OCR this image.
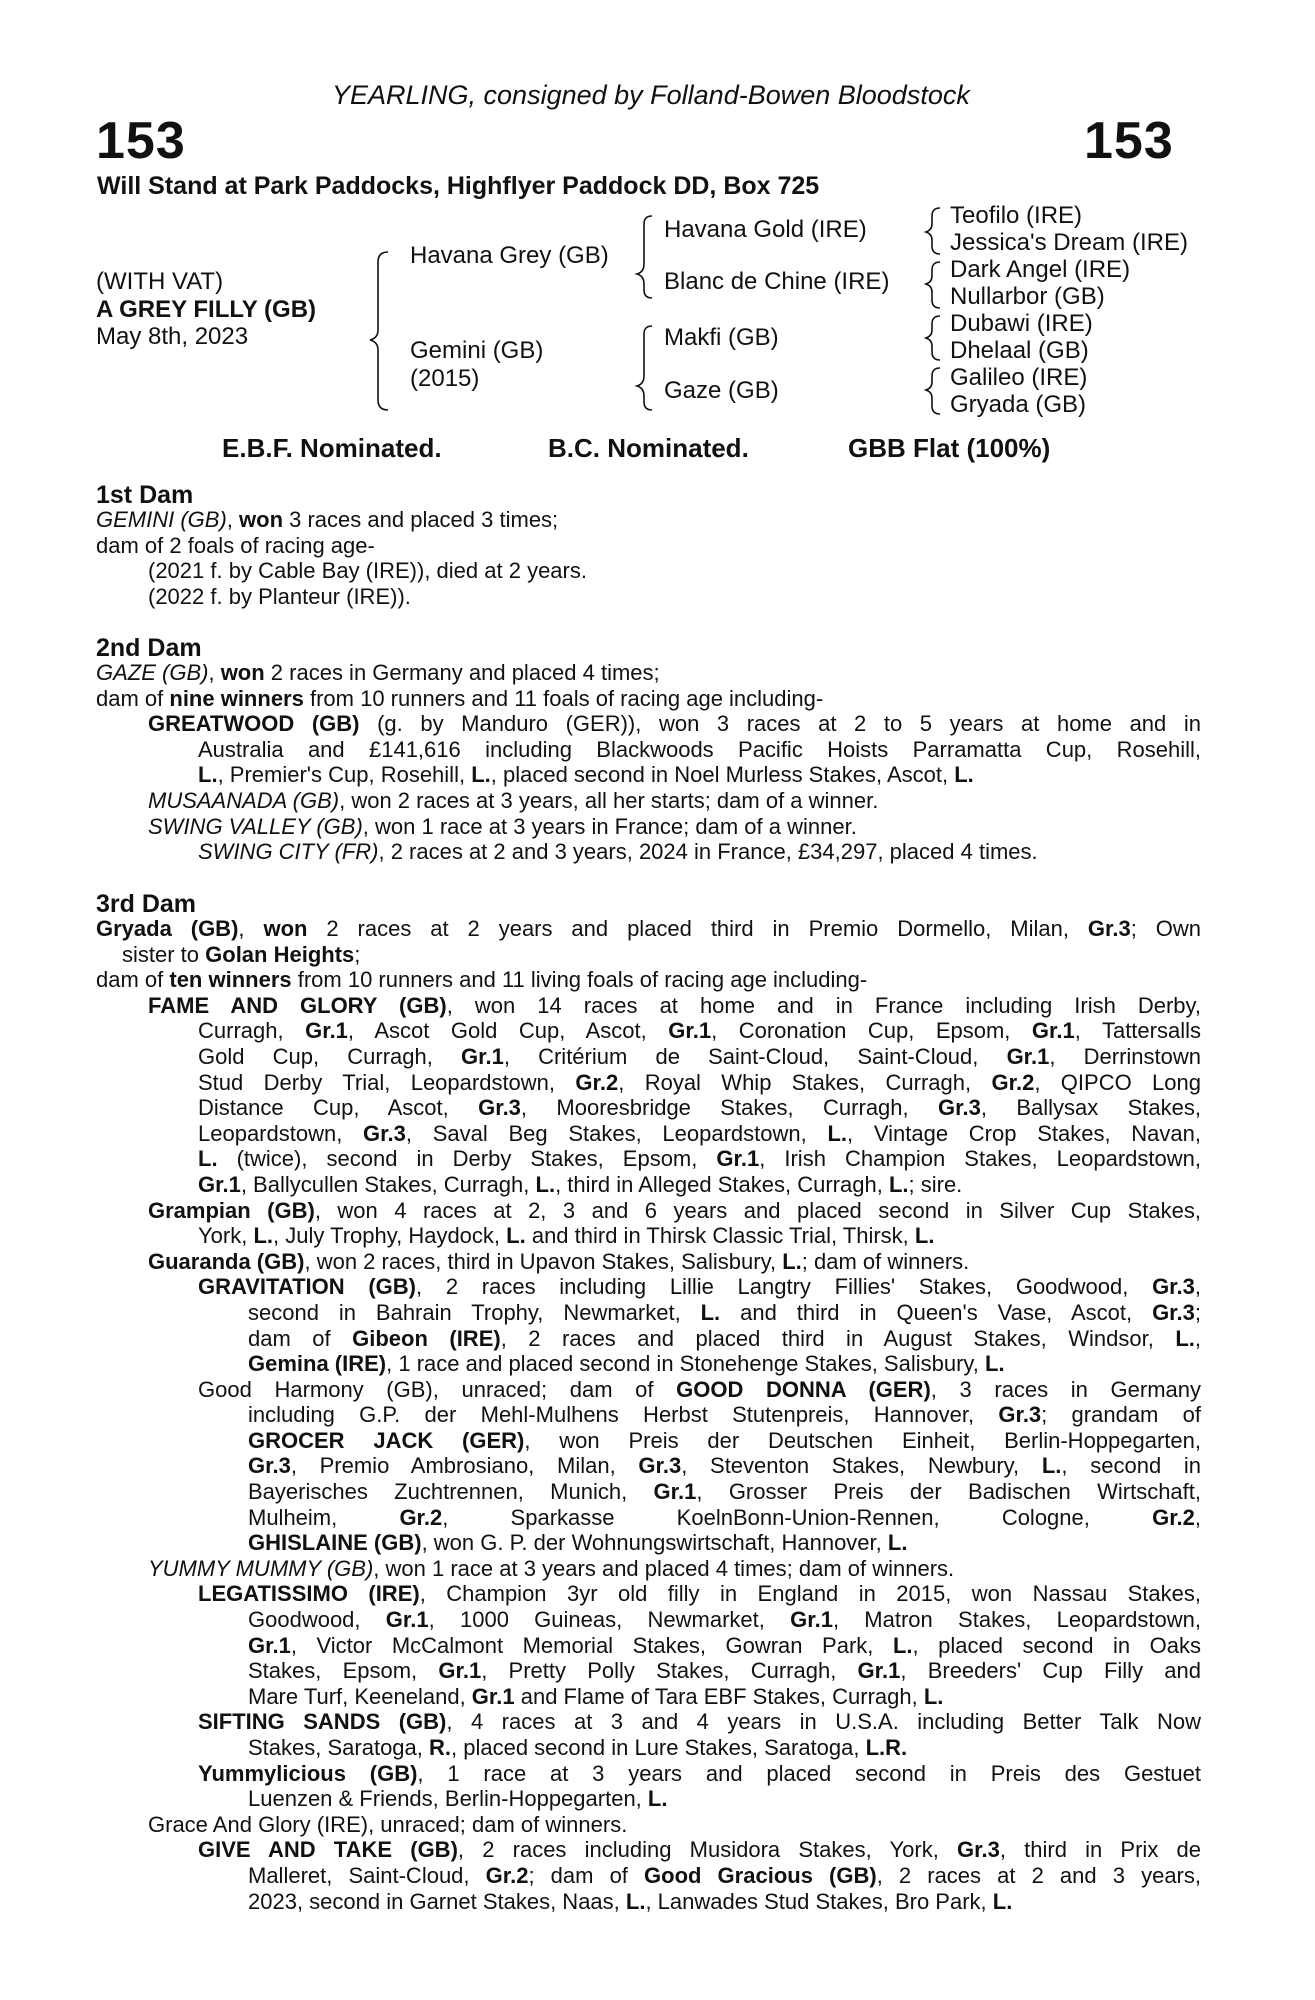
YEARLING, consigned by Folland-Bowen Bloodstock
153	153
Will Stand at Park Paddocks, Highflyer Paddock DD, Box 725
(WITH VAT)
A GREY FILLY (GB)
May 8th, 2023
Havana Grey (GB)
Gemini (GB)
(2015)
Havana Gold (IRE)
Blanc de Chine (IRE)
Makfi (GB)
Gaze (GB)
Teofilo (IRE)
Jessica's Dream (IRE)
Dark Angel (IRE)
Nullarbor (GB)
Dubawi (IRE)
Dhelaal (GB)
Galileo (IRE)
Gryada (GB)
E.B.F. Nominated.	B.C. Nominated.	GBB Flat (100%)
1st Dam
GEMINI (GB), won 3 races and placed 3 times;
dam of 2 foals of racing age-
(2021 f. by Cable Bay (IRE)), died at 2 years.
(2022 f. by Planteur (IRE)).
2nd Dam
GAZE (GB), won 2 races in Germany and placed 4 times;
dam of nine winners from 10 runners and 11 foals of racing age including-
GREATWOOD (GB) (g. by Manduro (GER)), won 3 races at 2 to 5 years at home and in
Australia and £141,616 including Blackwoods Pacific Hoists Parramatta Cup, Rosehill,
L., Premier's Cup, Rosehill, L., placed second in Noel Murless Stakes, Ascot, L.
MUSAANADA (GB), won 2 races at 3 years, all her starts; dam of a winner.
SWING VALLEY (GB), won 1 race at 3 years in France; dam of a winner.
SWING CITY (FR), 2 races at 2 and 3 years, 2024 in France, £34,297, placed 4 times.
3rd Dam
Gryada (GB), won 2 races at 2 years and placed third in Premio Dormello, Milan, Gr.3; Own
sister to Golan Heights;
dam of ten winners from 10 runners and 11 living foals of racing age including-
FAME AND GLORY (GB), won 14 races at home and in France including Irish Derby,
Curragh, Gr.1, Ascot Gold Cup, Ascot, Gr.1, Coronation Cup, Epsom, Gr.1, Tattersalls
Gold Cup, Curragh, Gr.1, Critérium de Saint-Cloud, Saint-Cloud, Gr.1, Derrinstown
Stud Derby Trial, Leopardstown, Gr.2, Royal Whip Stakes, Curragh, Gr.2, QIPCO Long
Distance Cup, Ascot, Gr.3, Mooresbridge Stakes, Curragh, Gr.3, Ballysax Stakes,
Leopardstown, Gr.3, Saval Beg Stakes, Leopardstown, L., Vintage Crop Stakes, Navan,
L. (twice), second in Derby Stakes, Epsom, Gr.1, Irish Champion Stakes, Leopardstown,
Gr.1, Ballycullen Stakes, Curragh, L., third in Alleged Stakes, Curragh, L.; sire.
Grampian (GB), won 4 races at 2, 3 and 6 years and placed second in Silver Cup Stakes,
York, L., July Trophy, Haydock, L. and third in Thirsk Classic Trial, Thirsk, L.
Guaranda (GB), won 2 races, third in Upavon Stakes, Salisbury, L.; dam of winners.
GRAVITATION (GB), 2 races including Lillie Langtry Fillies' Stakes, Goodwood, Gr.3,
second in Bahrain Trophy, Newmarket, L. and third in Queen's Vase, Ascot, Gr.3;
dam of Gibeon (IRE), 2 races and placed third in August Stakes, Windsor, L.,
Gemina (IRE), 1 race and placed second in Stonehenge Stakes, Salisbury, L.
Good Harmony (GB), unraced; dam of GOOD DONNA (GER), 3 races in Germany
including G.P. der Mehl-Mulhens Herbst Stutenpreis, Hannover, Gr.3; grandam of
GROCER JACK (GER), won Preis der Deutschen Einheit, Berlin-Hoppegarten,
Gr.3, Premio Ambrosiano, Milan, Gr.3, Steventon Stakes, Newbury, L., second in
Bayerisches Zuchtrennen, Munich, Gr.1, Grosser Preis der Badischen Wirtschaft,
Mulheim, Gr.2, Sparkasse KoelnBonn-Union-Rennen, Cologne, Gr.2,
GHISLAINE (GB), won G. P. der Wohnungswirtschaft, Hannover, L.
YUMMY MUMMY (GB), won 1 race at 3 years and placed 4 times; dam of winners.
LEGATISSIMO (IRE), Champion 3yr old filly in England in 2015, won Nassau Stakes,
Goodwood, Gr.1, 1000 Guineas, Newmarket, Gr.1, Matron Stakes, Leopardstown,
Gr.1, Victor McCalmont Memorial Stakes, Gowran Park, L., placed second in Oaks
Stakes, Epsom, Gr.1, Pretty Polly Stakes, Curragh, Gr.1, Breeders' Cup Filly and
Mare Turf, Keeneland, Gr.1 and Flame of Tara EBF Stakes, Curragh, L.
SIFTING SANDS (GB), 4 races at 3 and 4 years in U.S.A. including Better Talk Now
Stakes, Saratoga, R., placed second in Lure Stakes, Saratoga, L.R.
Yummylicious (GB), 1 race at 3 years and placed second in Preis des Gestuet
Luenzen & Friends, Berlin-Hoppegarten, L.
Grace And Glory (IRE), unraced; dam of winners.
GIVE AND TAKE (GB), 2 races including Musidora Stakes, York, Gr.3, third in Prix de
Malleret, Saint-Cloud, Gr.2; dam of Good Gracious (GB), 2 races at 2 and 3 years,
2023, second in Garnet Stakes, Naas, L., Lanwades Stud Stakes, Bro Park, L.
